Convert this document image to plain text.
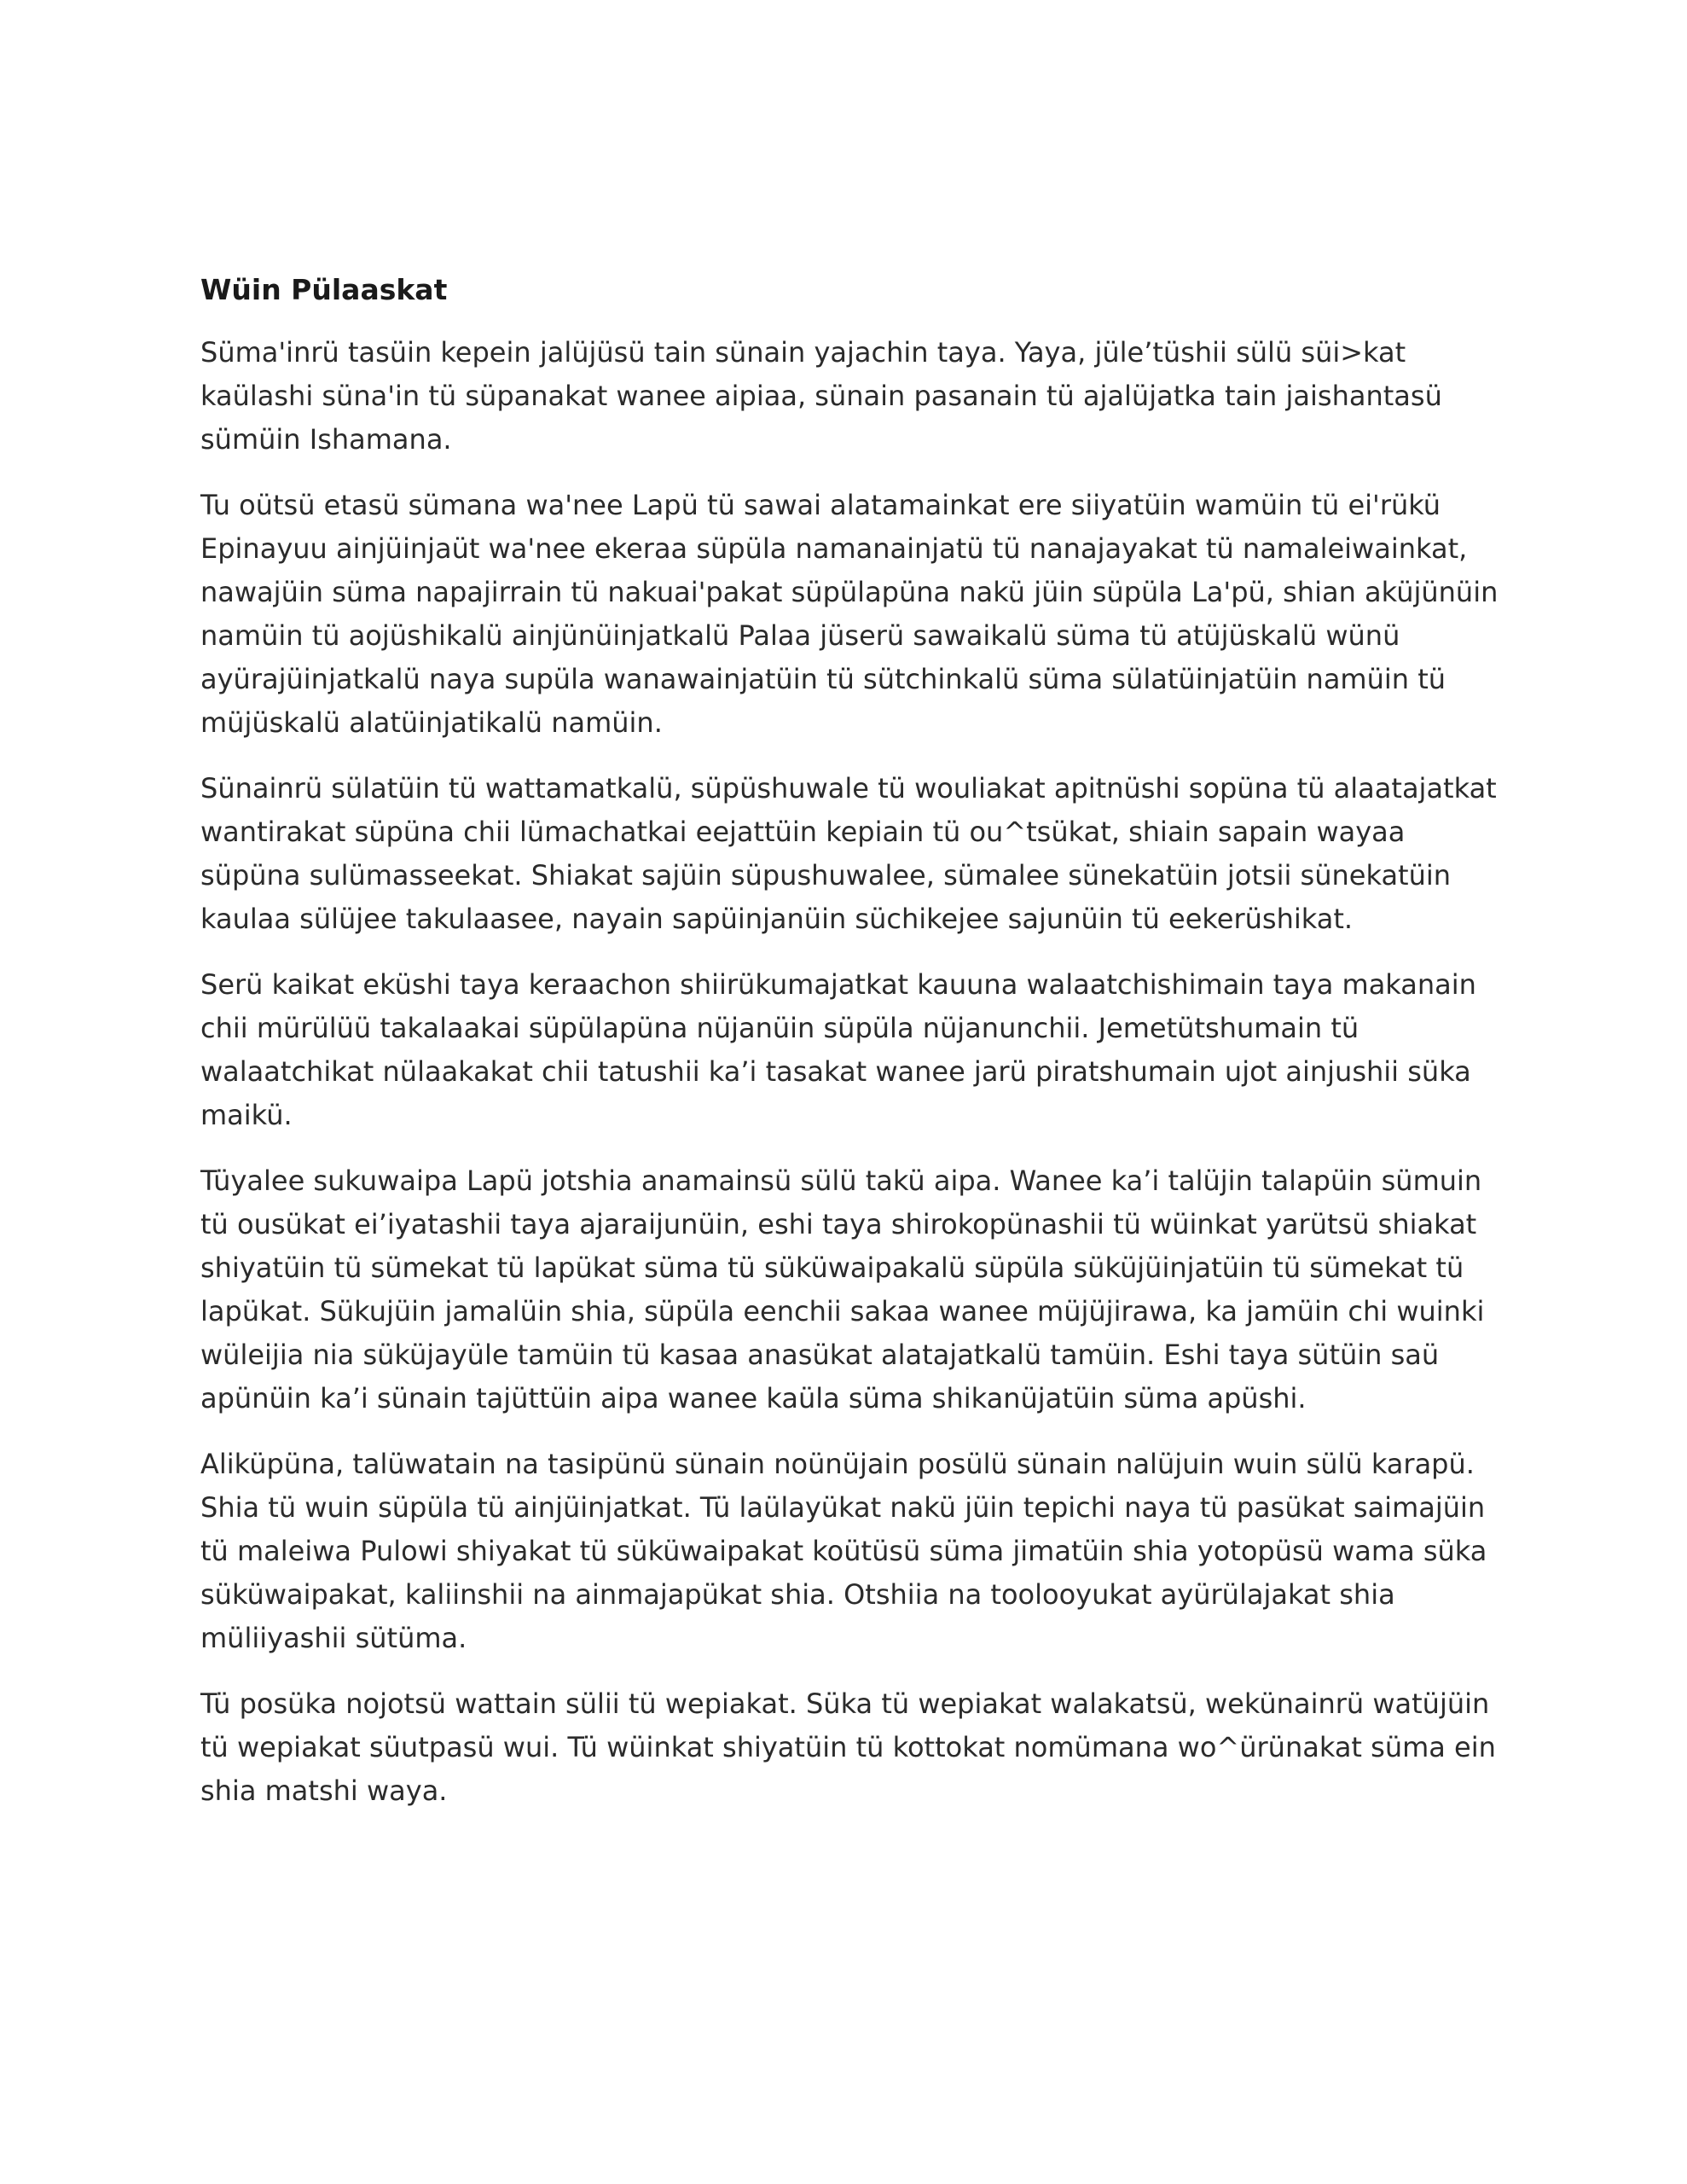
Wüin Pülaaskat

Süma'inrü tasüin kepein jalüjüsü tain sünain yajachin taya. Yaya, jüle’tüshii sülü süi>kat kaülashi süna'in tü süpanakat wanee aipiaa, sünain pasanain tü ajalüjatka tain jaishantasü sümüin Ishamana.

Tu oütsü etasü sümana wa'nee Lapü tü sawai alatamainkat ere siiyatüin wamüin tü ei'rükü Epinayuu ainjüinjaüt wa'nee ekeraa süpüla namanainjatü tü nanajayakat tü namaleiwainkat, nawajüin süma napajirrain tü nakuai'pakat süpülapüna nakü jüin süpüla La'pü, shian aküjünüin namüin tü aojüshikalü ainjünüinjatkalü Palaa jüserü sawaikalü süma tü atüjüskalü wünü ayürajüinjatkalü naya supüla wanawainjatüin tü sütchinkalü süma sülatüinjatüin namüin tü müjüskalü alatüinjatikalü namüin.

Sünainrü sülatüin tü wattamatkalü, süpüshuwale tü wouliakat apitnüshi sopüna tü alaatajatkat wantirakat süpüna chii lümachatkai eejattüin kepiain tü ou^tsükat, shiain sapain wayaa süpüna sulümasseekat. Shiakat sajüin süpushuwalee, sümalee sünekatüin jotsii sünekatüin kaulaa sülüjee takulaasee, nayain sapüinjanüin süchikejee sajunüin tü eekerüshikat.

Serü kaikat eküshi taya keraachon shiirükumajatkat kauuna walaatchishimain taya makanain chii mürülüü takalaakai süpülapüna nüjanüin süpüla nüjanunchii. Jemetütshumain tü walaatchikat nülaakakat chii tatushii ka’i tasakat wanee jarü piratshumain ujot ainjushii süka maikü.

Tüyalee sukuwaipa Lapü jotshia anamainsü sülü takü aipa. Wanee ka’i talüjin talapüin sümuin tü ousükat ei’iyatashii taya ajaraijunüin, eshi taya shirokopünashii tü wüinkat yarütsü shiakat shiyatüin tü sümekat tü lapükat süma tü süküwaipakalü süpüla süküjüinjatüin tü sümekat tü lapükat. Sükujüin jamalüin shia, süpüla eenchii sakaa wanee müjüjirawa, ka jamüin chi wuinki wüleijia nia süküjayüle tamüin tü kasaa anasükat alatajatkalü tamüin. Eshi taya sütüin saü apünüin ka’i sünain tajüttüin aipa wanee kaüla süma shikanüjatüin süma apüshi.

Aliküpüna, talüwatain na tasipünü sünain noünüjain posülü sünain nalüjuin wuin sülü karapü. Shia tü wuin süpüla tü ainjüinjatkat. Tü laülayükat nakü jüin tepichi naya tü pasükat saimajüin tü maleiwa Pulowi shiyakat tü süküwaipakat koütüsü süma jimatüin shia yotopüsü wama süka süküwaipakat, kaliinshii na ainmajapükat shia. Otshiia na toolooyukat ayürülajakat shia müliiyashii sütüma.

Tü posüka nojotsü wattain sülii tü wepiakat. Süka tü wepiakat walakatsü, wekünainrü watüjüin tü wepiakat süutpasü wui. Tü wüinkat shiyatüin tü kottokat nomümana wo^ürünakat süma ein shia matshi waya.
